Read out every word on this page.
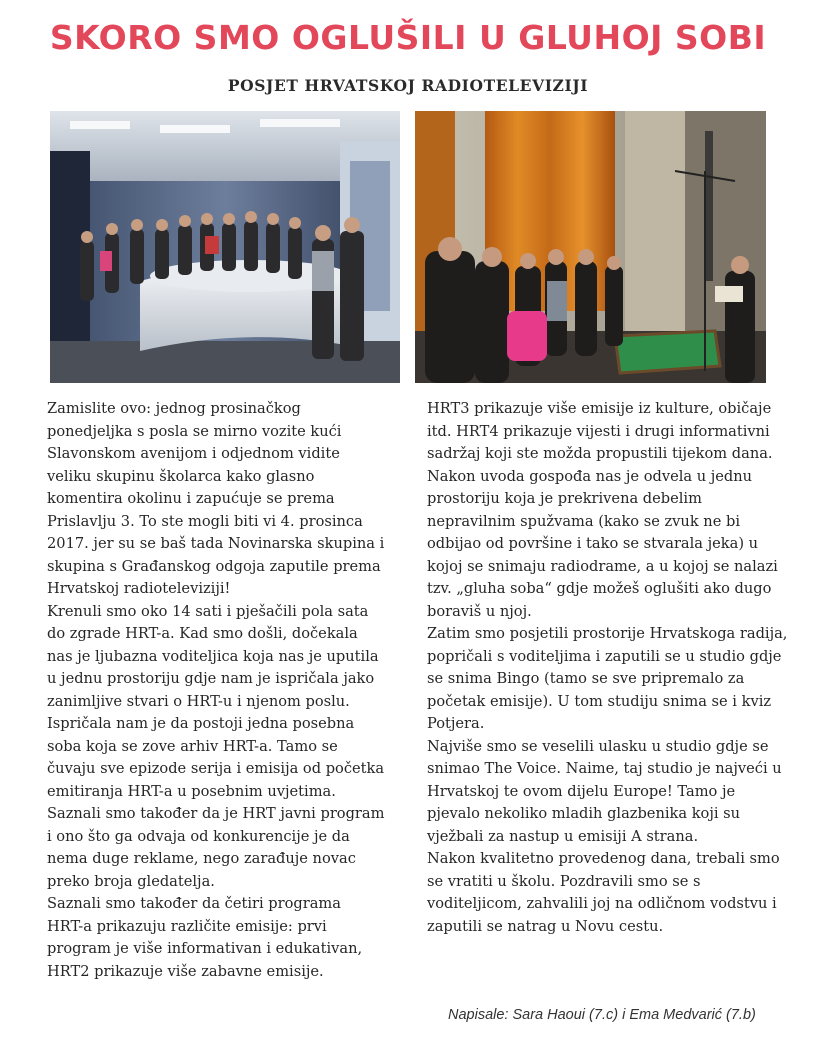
SKORO SMO OGLUŠILI U GLUHOJ SOBI
POSJET HRVATSKOJ RADIOTELEVIZIJI

Zamislite ovo: jednog prosinačkog

ponedjeljka s posla se mirno vozite kući

Slavonskom avenijom i odjednom vidite

veliku skupinu školarca kako glasno

komentira okolinu i zapućuje se prema

Prislavlju 3. To ste mogli biti vi 4. prosinca

2017. jer su se baš tada Novinarska skupina i

skupina s Građanskog odgoja zaputile prema

Hrvatskoj radioteleviziji!

Krenuli smo oko 14 sati i pješačili pola sata

do zgrade HRT-a. Kad smo došli, dočekala

nas je ljubazna voditeljica koja nas je uputila

u jednu prostoriju gdje nam je ispričala jako

zanimljive stvari o HRT-u i njenom poslu.

Ispričala nam je da postoji jedna posebna

soba koja se zove arhiv HRT-a. Tamo se

čuvaju sve epizode serija i emisija od početka

emitiranja HRT-a u posebnim uvjetima.

Saznali smo također da je HRT javni program

i ono što ga odvaja od konkurencije je da

nema duge reklame, nego zarađuje novac

preko broja gledatelja.

Saznali smo također da četiri programa

HRT-a prikazuju različite emisije: prvi

program je više informativan i edukativan,

HRT2 prikazuje više zabavne emisije.

HRT3 prikazuje više emisije iz kulture, običaje

itd. HRT4 prikazuje vijesti i drugi informativni

sadržaj koji ste možda propustili tijekom dana.

Nakon uvoda gospođa nas je odvela u jednu

prostoriju koja je prekrivena debelim

nepravilnim spužvama (kako se zvuk ne bi

odbijao od površine i tako se stvarala jeka) u

kojoj se snimaju radiodrame, a u kojoj se nalazi

tzv. „gluha soba“ gdje možeš oglušiti ako dugo

boraviš u njoj.

Zatim smo posjetili prostorije Hrvatskoga radija,

popričali s voditeljima i zaputili se u studio gdje

se snima Bingo (tamo se sve pripremalo za

početak emisije). U tom studiju snima se i kviz

Potjera.

Najviše smo se veselili ulasku u studio gdje se

snimao The Voice. Naime, taj studio je najveći u

Hrvatskoj te ovom dijelu Europe! Tamo je

pjevalo nekoliko mladih glazbenika koji su

vježbali za nastup u emisiji A strana.

Nakon kvalitetno provedenog dana, trebali smo

se vratiti u školu. Pozdravili smo se s

voditeljicom, zahvalili joj na odličnom vodstvu i

zaputili se natrag u Novu cestu.

Napisale: Sara Haoui (7.c) i Ema Medvarić (7.b)
